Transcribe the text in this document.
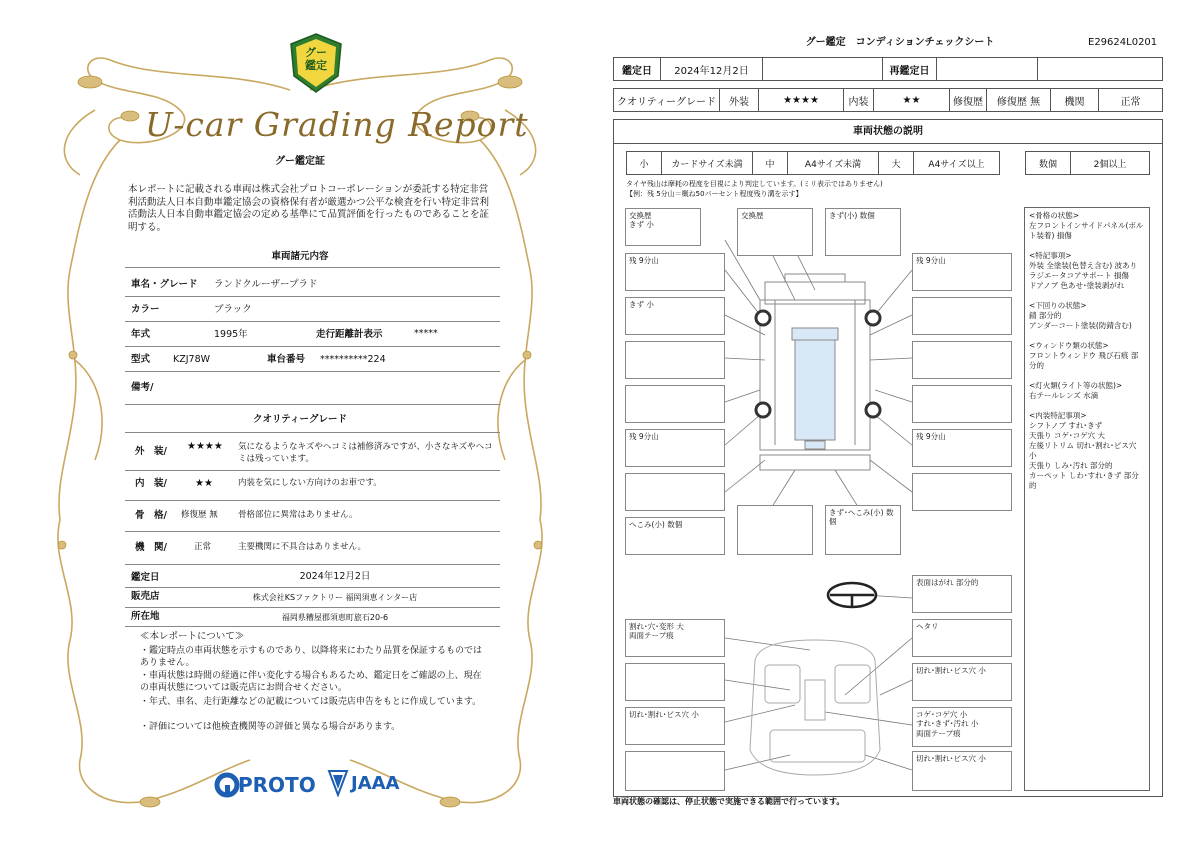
グー
鑑定
U-car Grading Report
グー鑑定証
本レポートに記載される車両は株式会社プロトコーポレーションが委託する特定非営利活動法人日本自動車鑑定協会の資格保有者が厳選かつ公平な検査を行い特定非営利活動法人日本自動車鑑定協会の定める基準にて品質評価を行ったものであることを証明する。
車両諸元内容
車名・グレード ランドクルーザープラド
カラー	ブラック
年式	1995年	走行距離計表示	*****
型式 KZJ78W	車台番号 **********224
備考/
クオリティーグレード
外　装/ ★★★★ 気になるようなキズやヘコミは補修済みですが、小さなキズやヘコミは残っています。
内　装/	★★	内装を気にしない方向けのお車です。
骨　格/ 修復歴 無 骨格部位に異常はありません。
機　関/	正常	主要機関に不具合はありません。
鑑定日	2024年12月2日
販売店	株式会社KSファクトリー 福岡須恵インター店
所在地	福岡県糟屋郡須恵町旅石20-6
≪本レポートについて≫
・鑑定時点の車両状態を示すものであり、以降将来にわたり品質を保証するものではありません。
・車両状態は時間の経過に伴い変化する場合もあるため、鑑定日をご確認の上、現在の車両状態については販売店にお問合せください。
・年式、車名、走行距離などの記載については販売店申告をもとに作成しています。
・評価については他検査機関等の評価と異なる場合があります。
PROTO JAAA
グー鑑定　コンディションチェックシート	E29624L0201
鑑定日 2024年12月2日	再鑑定日
クオリティーグレード 外装	★★★★	内装	★★	修復歴 修復歴 無 機関	正常
車両状態の説明
小	カードサイズ未満	中	A4サイズ未満	大	A4サイズ以上	数個	2個以上
タイヤ残山は摩耗の程度を目視により判定しています。(ミリ表示ではありません)
【例：残 5分山＝概ね50パーセント程度残り溝を示す】
交換歴
きず 小
交換歴	きず(小) 数個
残 9分山	残 9分山
きず 小
残 9分山	残 9分山
へこみ(小) 数個
きず･へこみ(小) 数個
表面はがれ 部分的
割れ･穴･変形 大
両面テープ痕
ヘタリ
切れ･割れ･ビス穴 小
切れ･割れ･ビス穴 小	コゲ･コゲ穴 小
すれ･きず･汚れ 小
両面テープ痕
切れ･割れ･ビス穴 小
<骨格の状態>
左フロントインサイドパネル(ボルト装着) 損傷

<特記事項>
外装 全塗装(色替え含む) 波あり
ラジエータコアサポート 損傷
ドアノブ 色あせ･塗装剥がれ

<下回りの状態>
錆 部分的
アンダーコート塗装(防錆含む)

<ウィンドウ類の状態>
フロントウィンドウ 飛び石痕 部分的

<灯火類(ライト等の状態)>
右テールレンズ 水滴

<内装特記事項>
シフトノブ すれ･きず
天張り コゲ･コゲ穴 大
左後リトリム 切れ･割れ･ビス穴 小
天張り しみ･汚れ 部分的
カーペット しわ･すれ･きず 部分的
車両状態の確認は、停止状態で実施できる範囲で行っています。
